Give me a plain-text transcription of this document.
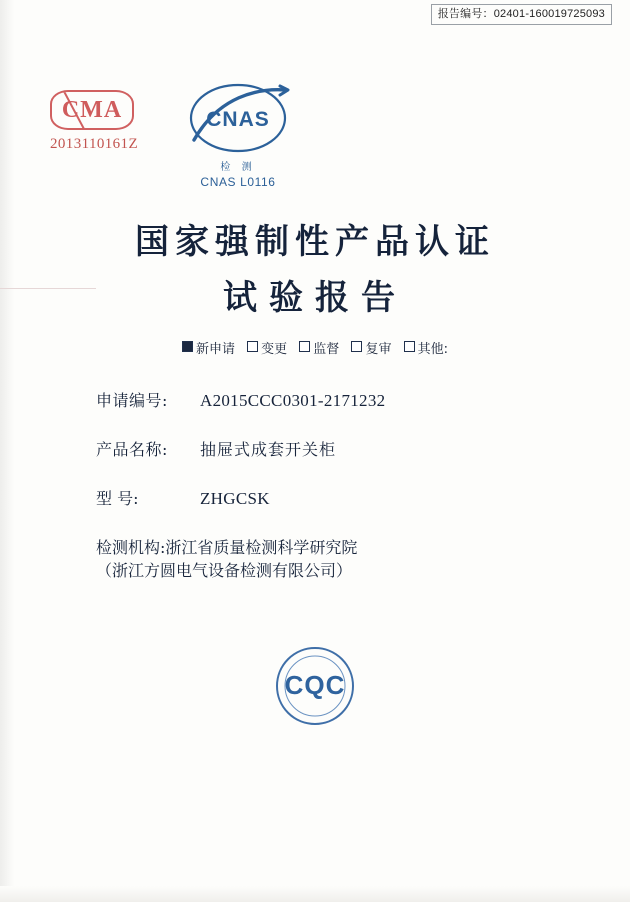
报告编号：02401-160019725093
CMA
2013110161Z
CNAS
检 测
CNAS L0116
国家强制性产品认证
试验报告
新申请 变更 监督 复审 其他:
申请编号:	A2015CCC0301-2171232
产品名称:	抽屉式成套开关柜
型 号:	ZHGCSK
检测机构: 浙江省质量检测科学研究院
（浙江方圆电气设备检测有限公司）
CQC
